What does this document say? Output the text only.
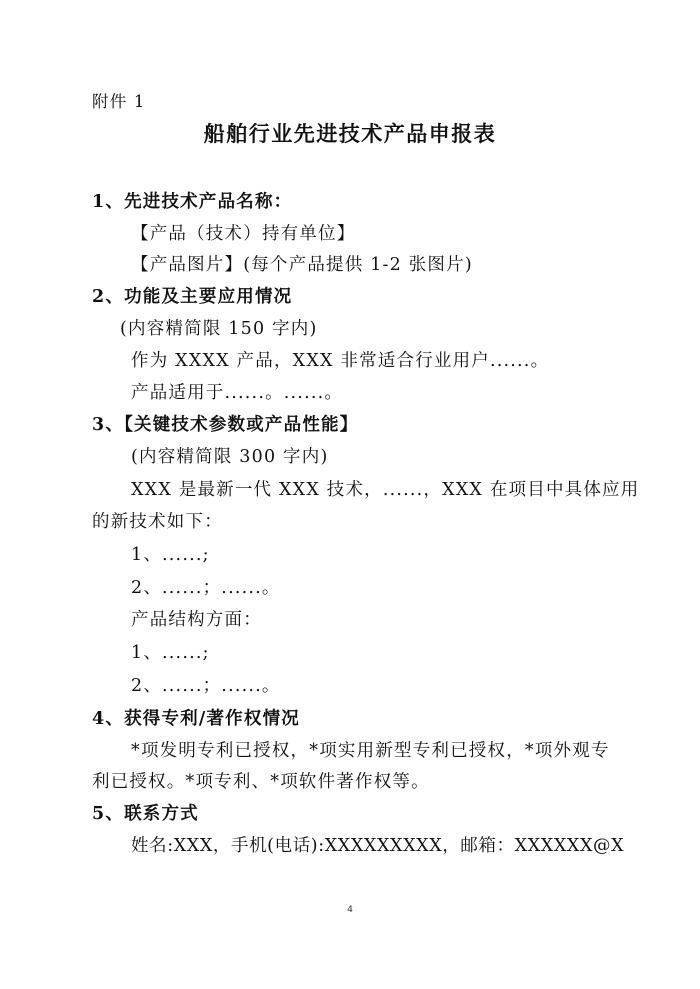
附件 1
船舶行业先进技术产品申报表
1、先进技术产品名称：
【产品（技术）持有单位】
【产品图片】(每个产品提供 1-2 张图片)
2、功能及主要应用情况
(内容精简限 150 字内)
作为 XXXX 产品，XXX 非常适合行业用户......。
产品适用于......。......。
3、【关键技术参数或产品性能】
(内容精简限 300 字内)
XXX 是最新一代 XXX 技术，......，XXX 在项目中具体应用
的新技术如下：
1、......;
2、......；......。
产品结构方面：
1、......;
2、......；......。
4、获得专利/著作权情况
*项发明专利已授权，*项实用新型专利已授权，*项外观专
利已授权。*项专利、*项软件著作权等。
5、联系方式
姓名:XXX，手机(电话):XXXXXXXXX，邮箱：XXXXXX@X
4
